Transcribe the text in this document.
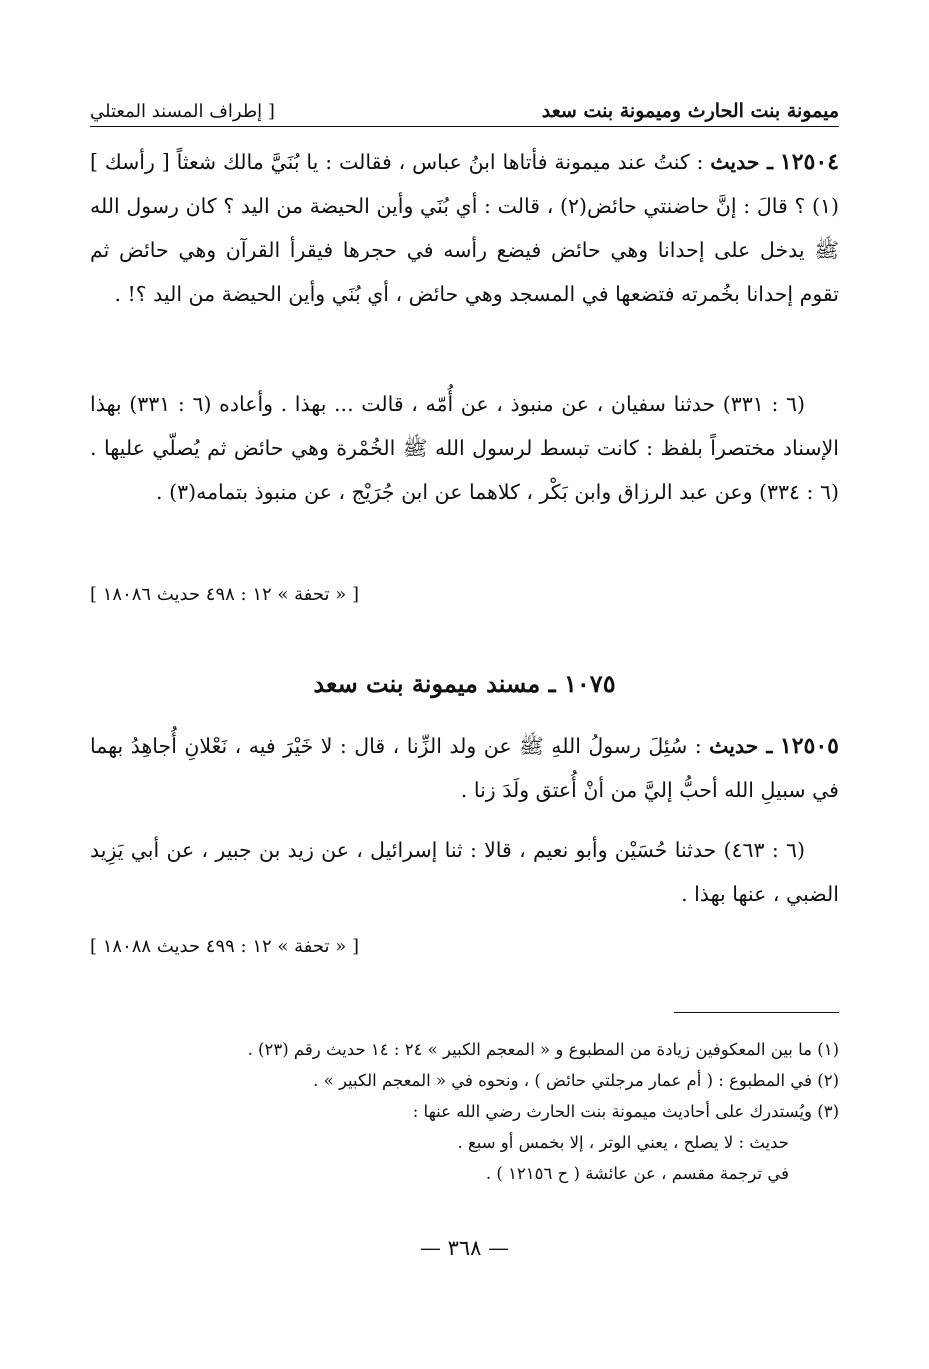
ميمونة بنت الحارث وميمونة بنت سعد
[ إطراف المسند المعتلي

١٢٥٠٤ ـ حديث : كنتُ عند ميمونة فأتاها ابنُ عباس ، فقالت : يا بُنَيَّ مالك شعثاً [ رأسك ](١) ؟ قالَ : إنَّ حاضنتي حائض(٢) ، قالت : أي بُنَي وأين الحيضة من اليد ؟ كان رسول الله ﷺ يدخل على إحدانا وهي حائض فيضع رأسه في حجرها فيقرأ القرآن وهي حائض ثم تقوم إحدانا بخُمرته فتضعها في المسجد وهي حائض ، أي بُنَي وأين الحيضة من اليد ؟! .

(٦ : ٣٣١) حدثنا سفيان ، عن منبوذ ، عن أُمّه ، قالت ... بهذا . وأعاده (٦ : ٣٣١) بهذا الإسناد مختصراً بلفظ : كانت تبسط لرسول الله ﷺ الخُمْرة وهي حائض ثم يُصلّي عليها . (٦ : ٣٣٤) وعن عبد الرزاق وابن بَكْر ، كلاهما عن ابن جُرَيْج ، عن منبوذ بتمامه(٣) .

[ « تحفة » ١٢ : ٤٩٨ حديث ١٨٠٨٦ ]
١٠٧٥ ـ مسند ميمونة بنت سعد

١٢٥٠٥ ـ حديث : سُئِلَ رسولُ اللهِ ﷺ عن ولد الزِّنا ، قال : لا خَيْرَ فيه ، نَعْلانِ أُجاهِدُ بهما في سبيلِ الله أحبُّ إليَّ من أنْ أُعتق ولَدَ زنا .

(٦ : ٤٦٣) حدثنا حُسَيْن وأبو نعيم ، قالا : ثنا إسرائيل ، عن زيد بن جبير ، عن أبي يَزِيد الضبي ، عنها بهذا .

[ « تحفة » ١٢ : ٤٩٩ حديث ١٨٠٨٨ ]

(١) ما بين المعكوفين زيادة من المطبوع و « المعجم الكبير » ٢٤ : ١٤ حديث رقم (٢٣) .

(٢) في المطبوع : ( أم عمار مرجلتي حائض ) ، ونحوه في « المعجم الكبير » .

(٣) ويُستدرك على أحاديث ميمونة بنت الحارث رضي الله عنها :

حديث : لا يصلح ، يعني الوتر ، إلا بخمس أو سبع .

في ترجمة مقسم ، عن عائشة ( ح ١٢١٥٦ ) .

— ٣٦٨ —
